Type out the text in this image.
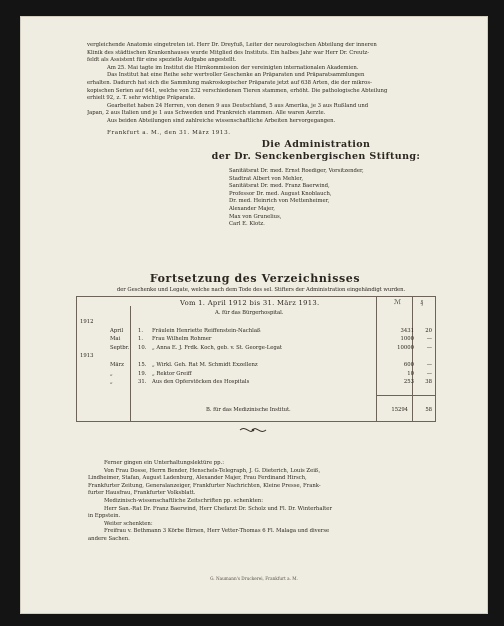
vergleichende Anatomie eingetreten ist. Herr Dr. Dreyfuß, Leiter der neurologischen Abteilung der inneren
Klinik des städtischen Krankenhauses wurde Mitglied des Instituts. Ein halbes Jahr war Herr Dr. Creutz-
feldt als Assistent für eine spezielle Aufgabe angestellt.
Am 25. Mai tagte im Institut die Hirnkommission der vereinigten internationalen Akademien.
Das Institut hat eine Reihe sehr wertvoller Geschenke an Präparaten und Präparatsammlungen
erhalten. Dadurch hat sich die Sammlung makroskopischer Präparate jetzt auf 638 Arten, die der mikros-
kopischen Serien auf 641, welche von 232 verschiedenen Tieren stammen, erhöht. Die pathologische Abteilung
erhielt 92, z. T. sehr wichtige Präparate.
Gearbeitet haben 24 Herren, von denen 9 aus Deutschland, 5 aus Amerika, je 3 aus Rußland und
Japan, 2 aus Italien und je 1 aus Schweden und Frankreich stammen. Alle waren Aerzte.
Aus beiden Abteilungen sind zahlreiche wissenschaftliche Arbeiten hervorgegangen.
Frankfurt a. M., den 31. März 1913.
Die Administration
der Dr. Senckenbergischen Stiftung:
Sanitätsrat Dr. med. Ernst Roediger, Vorsitzender,
Stadtrat Albert von Mehler,
Sanitätsrat Dr. med. Franz Baerwind,
Professor Dr. med. August Knoblauch,
Dr. med. Heinrich von Mettenheimer,
Alexander Majer,
Max von Grunelius,
Carl E. Klotz.
Fortsetzung des Verzeichnisses
der Geschenke und Legate, welche nach dem Tode des sel. Stifters der Administration eingehändigt wurden.
Vom 1. April 1912 bis 31. März 1913.	ℳ	₰
A. für das Bürgerhospital.
1912					
	April	1.	Fräulein Henriette Reiffenstein-Nachlaß	3431	20
	Mai	1.	Frau Wilhelm Rohmer	1000	—
	Septbr.	10.	„ Anna E. J. Frdk. Koch, geb. v. St. George-Legat	10000	—
1913					
	März	15.	„ Wirkl. Geh. Rat M. Schmidt Exzellenz	600	—
	„	19.	„ Rektor Greiff	10	—
	„	31.	Aus den Opferstöcken des Hospitals	253	38
B. für das Medizinische Institut.	15294	58
Ferner gingen ein Unterhaltungslektüre pp.:
Von Frau Dosse, Herrn Bender, Henschels-Telegraph, J. G. Dieterich, Louis Zeiß,
Lindheimer, Stafan, August Ladenburg, Alexander Majer, Frau Ferdinand Hirsch,
Frankfurter Zeitung, Generalanzeiger, Frankfurter Nachrichten, Kleine Presse, Frank-
furter Hausfrau, Frankfurter Volksblatt.
Medizinisch-wissenschaftliche Zeitschriften pp. schenkten:
Herr San.-Rat Dr. Franz Baerwind, Herr Chefarzt Dr. Scholz und Fl. Dr. Winterhalter
in Eppstein.
Weiter schenkten:
Freifrau v. Bethmann 3 Körbe Birnen, Herr Vetter-Thomas 6 Fl. Malaga und diverse
andere Sachen.
G. Naumann's Druckerei, Frankfurt a. M.
